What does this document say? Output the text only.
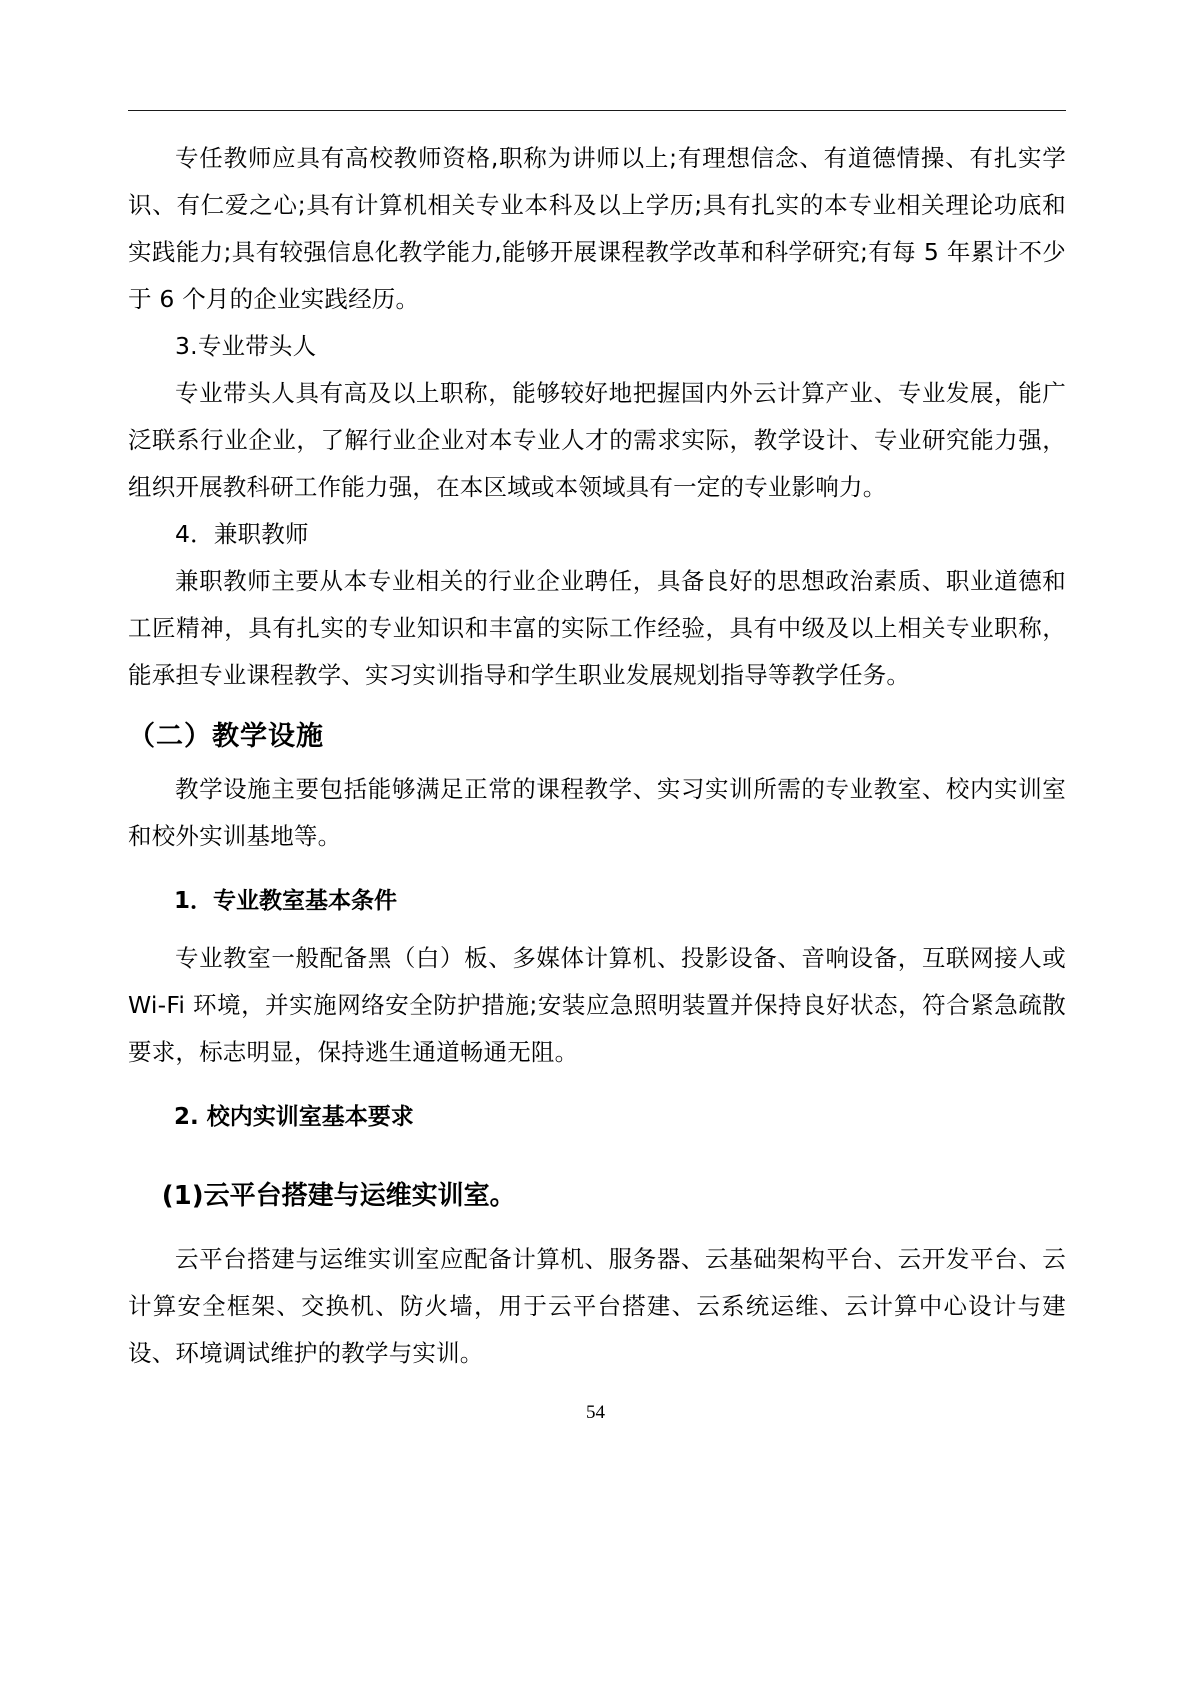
专任教师应具有高校教师资格,职称为讲师以上;有理想信念、有道德情操、有扎实学识、有仁爱之心;具有计算机相关专业本科及以上学历;具有扎实的本专业相关理论功底和实践能力;具有较强信息化教学能力,能够开展课程教学改革和科学研究;有每 5 年累计不少于 6 个月的企业实践经历。

3.专业带头人

专业带头人具有高及以上职称，能够较好地把握国内外云计算产业、专业发展，能广泛联系行业企业，了解行业企业对本专业人才的需求实际，教学设计、专业研究能力强，组织开展教科研工作能力强，在本区域或本领域具有一定的专业影响力。

4．兼职教师

兼职教师主要从本专业相关的行业企业聘任，具备良好的思想政治素质、职业道德和工匠精神，具有扎实的专业知识和丰富的实际工作经验，具有中级及以上相关专业职称，能承担专业课程教学、实习实训指导和学生职业发展规划指导等教学任务。

（二）教学设施

教学设施主要包括能够满足正常的课程教学、实习实训所需的专业教室、校内实训室和校外实训基地等。

1．专业教室基本条件

专业教室一般配备黑（白）板、多媒体计算机、投影设备、音响设备，互联网接人或 Wi-Fi 环境，并实施网络安全防护措施;安装应急照明装置并保持良好状态，符合紧急疏散要求，标志明显，保持逃生通道畅通无阻。

2. 校内实训室基本要求
(1)云平台搭建与运维实训室。

云平台搭建与运维实训室应配备计算机、服务器、云基础架构平台、云开发平台、云计算安全框架、交换机、防火墙，用于云平台搭建、云系统运维、云计算中心设计与建设、环境调试维护的教学与实训。

54
